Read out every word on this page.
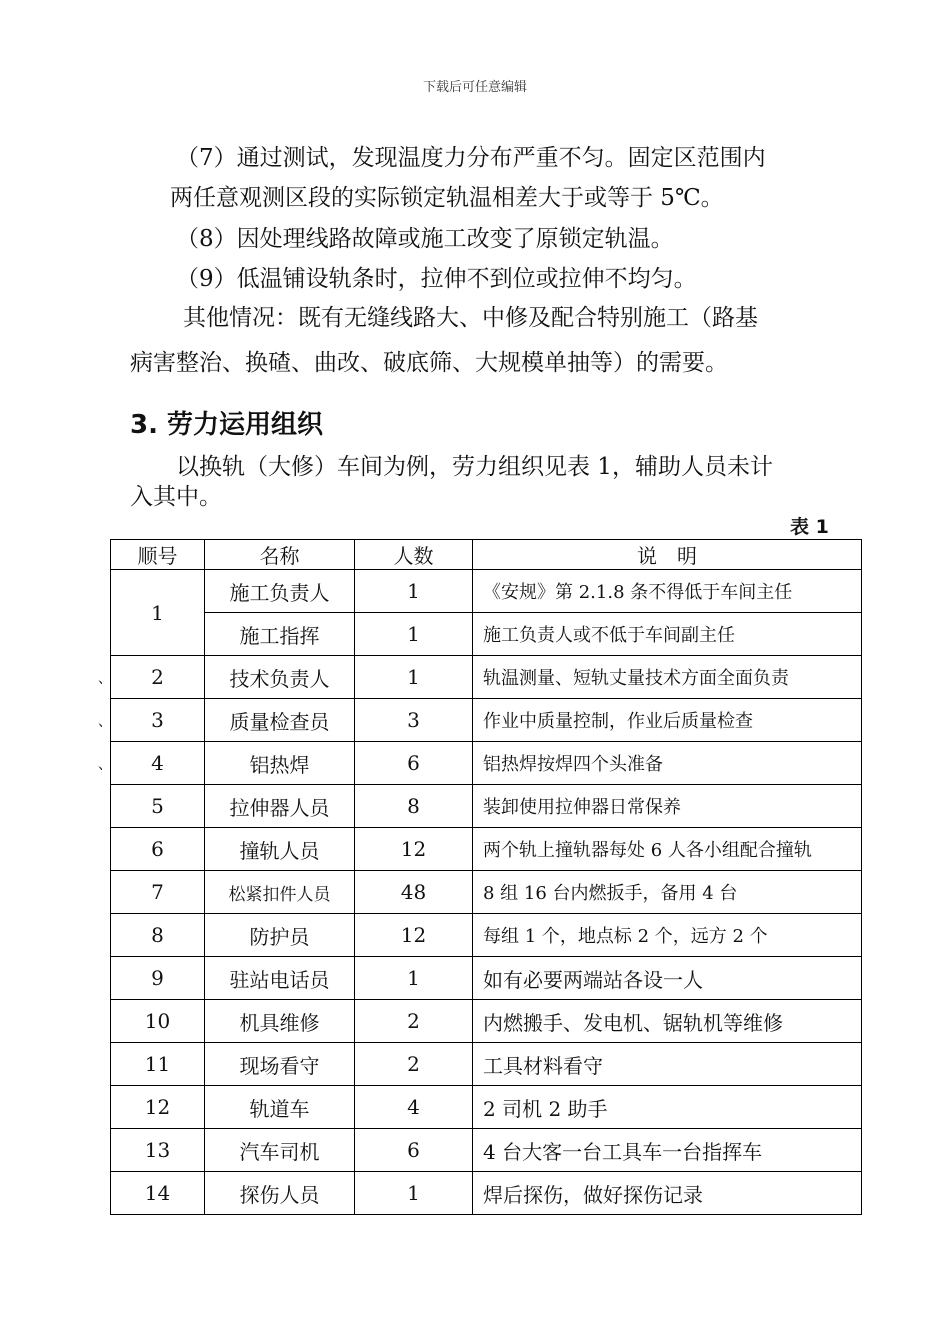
下载后可任意编辑
（7）通过测试，发现温度力分布严重不匀。固定区范围内
两任意观测区段的实际锁定轨温相差大于或等于 5℃。
（8）因处理线路故障或施工改变了原锁定轨温。
（9）低温铺设轨条时，拉伸不到位或拉伸不均匀。
其他情况：既有无缝线路大、中修及配合特别施工（路基
病害整治、换碴、曲改、破底筛、大规模单抽等）的需要。
3. 劳力运用组织
以换轨（大修）车间为例，劳力组织见表 1，辅助人员未计
入其中。
表 1
、
、
、
顺号	名称	人数	说　明
1	施工负责人	1	《安规》第 2.1.8 条不得低于车间主任
	施工指挥	1	施工负责人或不低于车间副主任
2	技术负责人	1	轨温测量、短轨丈量技术方面全面负责
3	质量检查员	3	作业中质量控制，作业后质量检查
4	铝热焊	6	铝热焊按焊四个头准备
5	拉伸器人员	8	装卸使用拉伸器日常保养
6	撞轨人员	12	两个轨上撞轨器每处 6 人各小组配合撞轨
7	松紧扣件人员	48	8 组 16 台内燃扳手，备用 4 台
8	防护员	12	每组 1 个，地点标 2 个，远方 2 个
9	驻站电话员	1	如有必要两端站各设一人
10	机具维修	2	内燃搬手、发电机、锯轨机等维修
11	现场看守	2	工具材料看守
12	轨道车	4	2 司机 2 助手
13	汽车司机	6	4 台大客一台工具车一台指挥车
14	探伤人员	1	焊后探伤，做好探伤记录
